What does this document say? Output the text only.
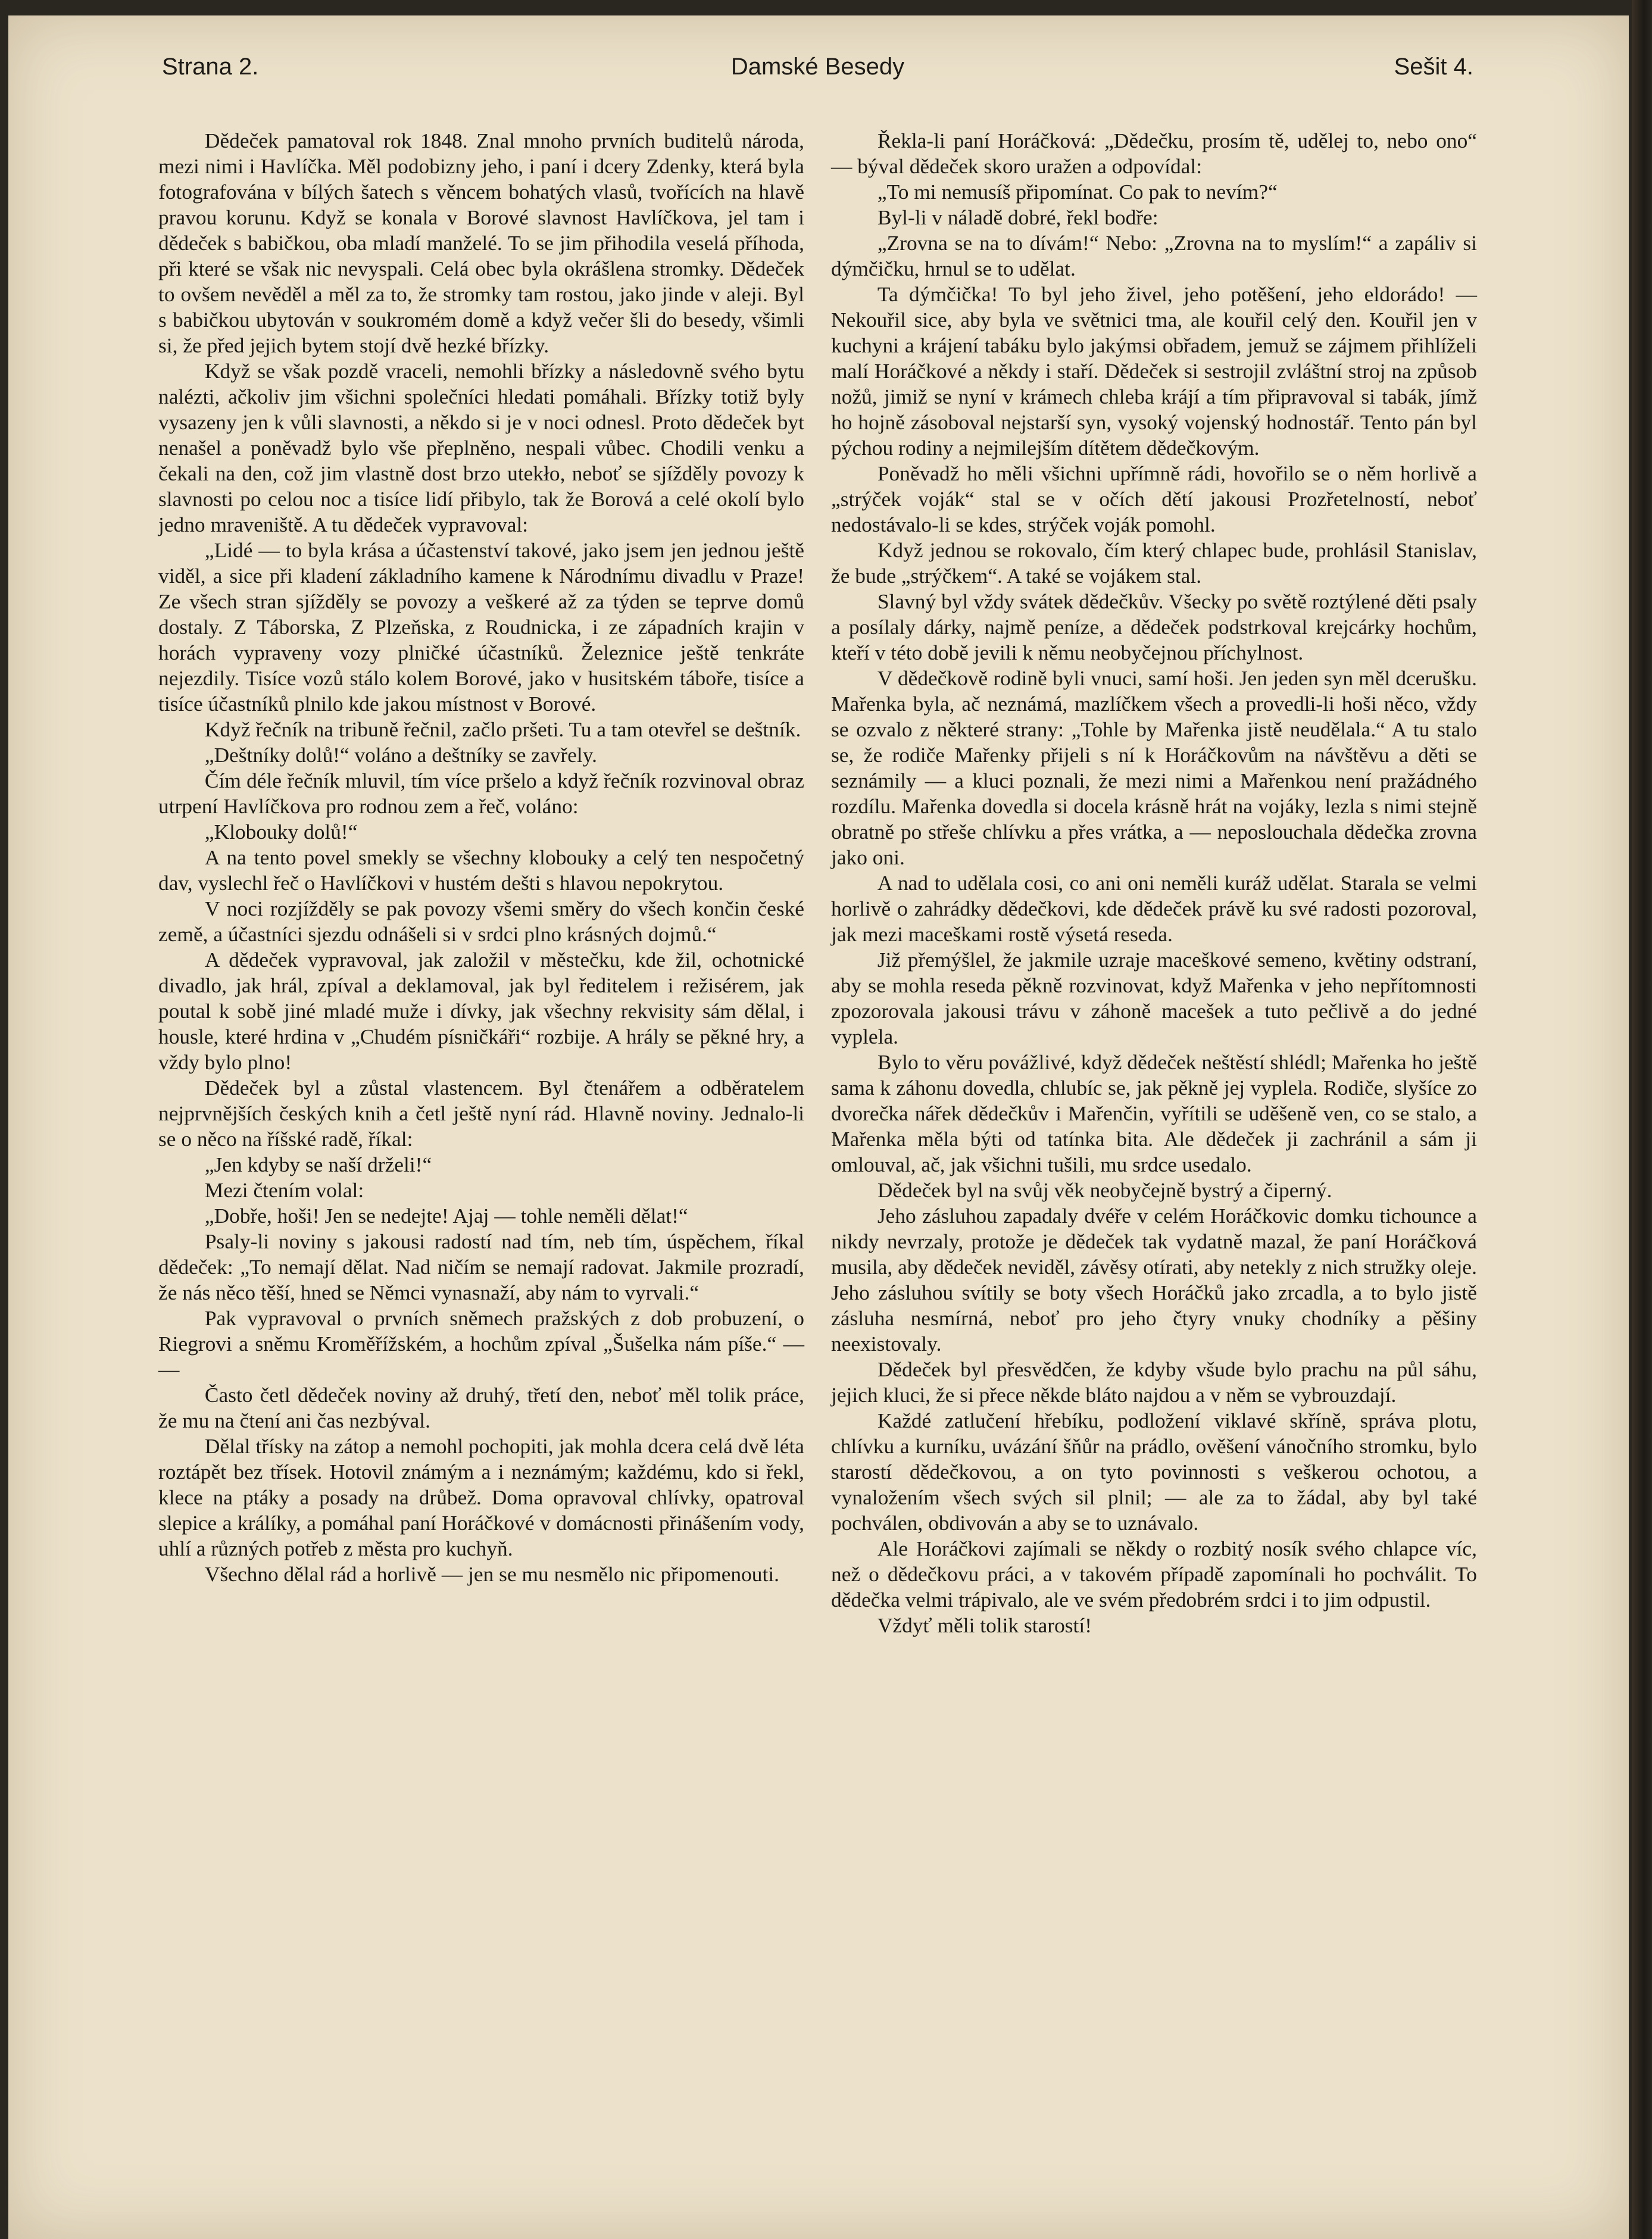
Strana 2.	Damské Besedy	Sešit 4.

Dědeček pamatoval rok 1848. Znal mnoho prvních buditelů národa, mezi nimi i Havlíčka. Měl podobizny jeho, i paní i dcery Zdenky, která byla fotografována v bílých šatech s věncem bohatých vlasů, tvořících na hlavě pravou korunu. Když se konala v Borové slavnost Havlíčkova, jel tam i dědeček s babičkou, oba mladí manželé. To se jim přihodila veselá příhoda, při které se však nic nevyspali. Celá obec byla okrášlena stromky. Dědeček to ovšem nevěděl a měl za to, že stromky tam rostou, jako jinde v aleji. Byl s babičkou ubytován v soukromém domě a když večer šli do besedy, všimli si, že před jejich bytem stojí dvě hezké břízky.

Když se však pozdě vraceli, nemohli břízky a následovně svého bytu nalézti, ačkoliv jim všichni společníci hledati pomáhali. Břízky totiž byly vysazeny jen k vůli slavnosti, a někdo si je v noci odnesl. Proto dědeček byt nenašel a poněvadž bylo vše přeplněno, nespali vůbec. Chodili venku a čekali na den, což jim vlastně dost brzo utekło, neboť se sjížděly povozy k slavnosti po celou noc a tisíce lidí přibylo, tak že Borová a celé okolí bylo jedno mraveniště. A tu dědeček vypravoval:

„Lidé — to byla krása a účastenství takové, jako jsem jen jednou ještě viděl, a sice při kladení základního kamene k Národnímu divadlu v Praze! Ze všech stran sjížděly se povozy a veškeré až za týden se teprve domů dostaly. Z Táborska, Z Plzeňska, z Roudnicka, i ze západních krajin v horách vypraveny vozy plničké účastníků. Železnice ještě tenkráte nejezdily. Tisíce vozů stálo kolem Borové, jako v husitském táboře, tisíce a tisíce účastníků plnilo kde jakou místnost v Borové.

Když řečník na tribuně řečnil, začlo pršeti. Tu a tam otevřel se deštník.

„Deštníky dolů!“ voláno a deštníky se zavřely.

Čím déle řečník mluvil, tím více pršelo a když řečník rozvinoval obraz utrpení Havlíčkova pro rodnou zem a řeč, voláno:

„Klobouky dolů!“

A na tento povel smekly se všechny klobouky a celý ten nespočetný dav, vyslechl řeč o Havlíčkovi v hustém dešti s hlavou nepokrytou.

V noci rozjížděly se pak povozy všemi směry do všech končin české země, a účastníci sjezdu odnášeli si v srdci plno krásných dojmů.“

A dědeček vypravoval, jak založil v městečku, kde žil, ochotnické divadlo, jak hrál, zpíval a deklamoval, jak byl ředitelem i režisérem, jak poutal k sobě jiné mladé muže i dívky, jak všechny rekvisity sám dělal, i housle, které hrdina v „Chudém písničkáři“ rozbije. A hrály se pěkné hry, a vždy bylo plno!

Dědeček byl a zůstal vlastencem. Byl čtenářem a odběratelem nejprvnějších českých knih a četl ještě nyní rád. Hlavně noviny. Jednalo-li se o něco na říšské radě, říkal:

„Jen kdyby se naší drželi!“

Mezi čtením volal:

„Dobře, hoši! Jen se nedejte! Ajaj — tohle neměli dělat!“

Psaly-li noviny s jakousi radostí nad tím, neb tím, úspěchem, říkal dědeček: „To nemají dělat. Nad ničím se nemají radovat. Jakmile prozradí, že nás něco těší, hned se Němci vynasnaží, aby nám to vyrvali.“

Pak vypravoval o prvních sněmech pražských z dob probuzení, o Riegrovi a sněmu Kroměřížském, a hochům zpíval „Šušelka nám píše.“ — —

Často četl dědeček noviny až druhý, třetí den, neboť měl tolik práce, že mu na čtení ani čas nezbýval.

Dělal třísky na zátop a nemohl pochopiti, jak mohla dcera celá dvě léta roztápět bez třísek. Hotovil známým a i neznámým; každému, kdo si řekl, klece na ptáky a posady na drůbež. Doma opravoval chlívky, opatroval slepice a králíky, a pomáhal paní Horáčkové v domácnosti přinášením vody, uhlí a různých potřeb z města pro kuchyň.

Všechno dělal rád a horlivě — jen se mu nesmělo nic připomenouti.

Řekla-li paní Horáčková: „Dědečku, prosím tě, udělej to, nebo ono“ — býval dědeček skoro uražen a odpovídal:

„To mi nemusíš připomínat. Co pak to nevím?“

Byl-li v náladě dobré, řekl bodře:

„Zrovna se na to dívám!“ Nebo: „Zrovna na to myslím!“ a zapáliv si dýmčičku, hrnul se to udělat.

Ta dýmčička! To byl jeho živel, jeho potěšení, jeho eldorádo! — Nekouřil sice, aby byla ve světnici tma, ale kouřil celý den. Kouřil jen v kuchyni a krájení tabáku bylo jakýmsi obřadem, jemuž se zájmem přihlíželi malí Horáčkové a někdy i staří. Dědeček si sestrojil zvláštní stroj na způsob nožů, jimiž se nyní v krámech chleba krájí a tím připravoval si tabák, jímž ho hojně zásoboval nejstarší syn, vysoký vojenský hodnostář. Tento pán byl pýchou rodiny a nejmilejším dítětem dědečkovým.

Poněvadž ho měli všichni upřímně rádi, hovořilo se o něm horlivě a „strýček voják“ stal se v očích dětí jakousi Prozřetelností, neboť nedostávalo-li se kdes, strýček voják pomohl.

Když jednou se rokovalo, čím který chlapec bude, prohlásil Stanislav, že bude „strýčkem“. A také se vojákem stal.

Slavný byl vždy svátek dědečkův. Všecky po světě roztýlené děti psaly a posílaly dárky, najmě peníze, a dědeček podstrkoval krejcárky hochům, kteří v této době jevili k němu neobyčejnou příchylnost.

V dědečkově rodině byli vnuci, samí hoši. Jen jeden syn měl dcerušku. Mařenka byla, ač neznámá, mazlíčkem všech a provedli-li hoši něco, vždy se ozvalo z některé strany: „Tohle by Mařenka jistě neudělala.“ A tu stalo se, že rodiče Mařenky přijeli s ní k Horáčkovům na návštěvu a děti se seznámily — a kluci poznali, že mezi nimi a Mařenkou není pražádného rozdílu. Mařenka dovedla si docela krásně hrát na vojáky, lezla s nimi stejně obratně po střeše chlívku a přes vrátka, a — neposlouchala dědečka zrovna jako oni.

A nad to udělala cosi, co ani oni neměli kuráž udělat. Starala se velmi horlivě o zahrádky dědečkovi, kde dědeček právě ku své radosti pozoroval, jak mezi maceškami rostě výsetá reseda.

Již přemýšlel, že jakmile uzraje maceškové semeno, květiny odstraní, aby se mohla reseda pěkně rozvinovat, když Mařenka v jeho nepřítomnosti zpozorovala jakousi trávu v záhoně macešek a tuto pečlivě a do jedné vyplela.

Bylo to věru povážlivé, když dědeček neštěstí shlédl; Mařenka ho ještě sama k záhonu dovedla, chlubíc se, jak pěkně jej vyplela. Rodiče, slyšíce zo dvorečka nářek dědečkův i Mařenčin, vyřítili se uděšeně ven, co se stalo, a Mařenka měla býti od tatínka bita. Ale dědeček ji zachránil a sám ji omlouval, ač, jak všichni tušili, mu srdce usedalo.

Dědeček byl na svůj věk neobyčejně bystrý a čiperný.

Jeho zásluhou zapadaly dvéře v celém Horáčkovic domku tichounce a nikdy nevrzaly, protože je dědeček tak vydatně mazal, že paní Horáčková musila, aby dědeček neviděl, závěsy otírati, aby netekly z nich stružky oleje. Jeho zásluhou svítily se boty všech Horáčků jako zrcadla, a to bylo jistě zásluha nesmírná, neboť pro jeho čtyry vnuky chodníky a pěšiny neexistovaly.

Dědeček byl přesvědčen, že kdyby všude bylo prachu na půl sáhu, jejich kluci, že si přece někde bláto najdou a v něm se vybrouzdají.

Každé zatlučení hřebíku, podložení viklavé skříně, správa plotu, chlívku a kurníku, uvázání šňůr na prádlo, ověšení vánočního stromku, bylo starostí dědečkovou, a on tyto povinnosti s veškerou ochotou, a vynaložením všech svých sil plnil; — ale za to žádal, aby byl také pochválen, obdivován a aby se to uznávalo.

Ale Horáčkovi zajímali se někdy o rozbitý nosík svého chlapce víc, než o dědečkovu práci, a v takovém případě zapomínali ho pochválit. To dědečka velmi trápivalo, ale ve svém předobrém srdci i to jim odpustil.

Vždyť měli tolik starostí!
